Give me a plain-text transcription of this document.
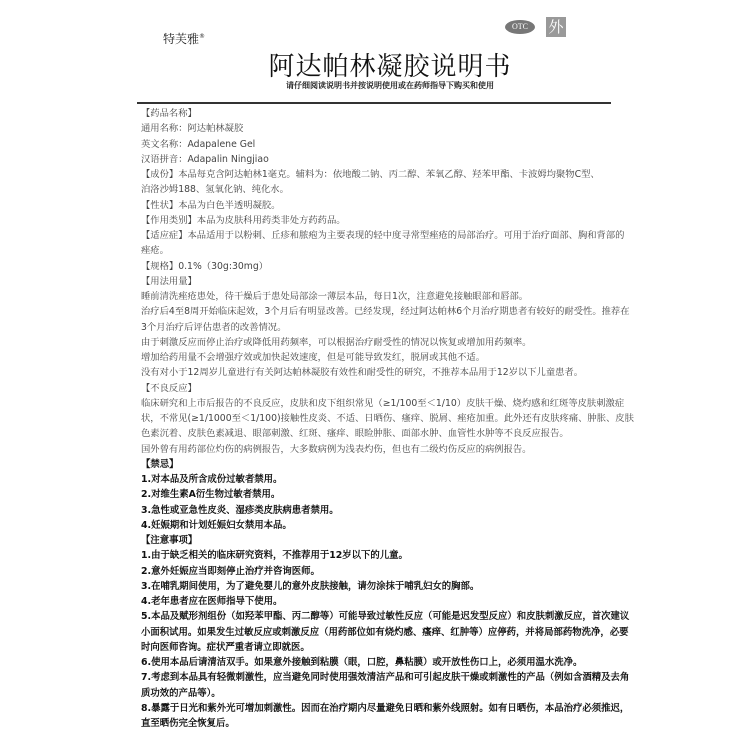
特芙雅®
OTC	外
阿达帕林凝胶说明书
请仔细阅读说明书并按说明使用或在药师指导下购买和使用
【药品名称】
通用名称：阿达帕林凝胶
英文名称：Adapalene Gel
汉语拼音：Adapalin Ningjiao
【成份】本品每克含阿达帕林1毫克。辅料为：依地酸二钠、丙二醇、苯氧乙醇、羟苯甲酯、卡波姆均聚物C型、
泊洛沙姆188、氢氧化钠、纯化水。
【性状】本品为白色半透明凝胶。
【作用类别】本品为皮肤科用药类非处方药药品。
【适应症】本品适用于以粉刺、丘疹和脓疱为主要表现的轻中度寻常型痤疮的局部治疗。可用于治疗面部、胸和背部的
痤疮。
【规格】0.1%（30g:30mg）
【用法用量】
睡前清洗痤疮患处，待干燥后于患处局部涂一薄层本品，每日1次，注意避免接触眼部和唇部。
治疗后4至8周开始临床起效，3个月后有明显改善。已经发现，经过阿达帕林6个月治疗期患者有较好的耐受性。推荐在
3个月治疗后评估患者的改善情况。
由于刺激反应而停止治疗或降低用药频率，可以根据治疗耐受性的情况以恢复或增加用药频率。
增加给药用量不会增强疗效或加快起效速度，但是可能导致发红，脱屑或其他不适。
没有对小于12周岁儿童进行有关阿达帕林凝胶有效性和耐受性的研究，不推荐本品用于12岁以下儿童患者。
【不良反应】
临床研究和上市后报告的不良反应，皮肤和皮下组织常见（≥1/100至＜1/10）皮肤干燥、烧灼感和红斑等皮肤刺激症
状，不常见(≥1/1000至＜1/100)接触性皮炎、不适、日晒伤、瘙痒、脱屑、痤疮加重。此外还有皮肤疼痛、肿胀、皮肤
色素沉着、皮肤色素减退、眼部刺激、红斑、瘙痒、眼睑肿胀、面部水肿、血管性水肿等不良反应报告。
国外曾有用药部位灼伤的病例报告，大多数病例为浅表灼伤，但也有二级灼伤反应的病例报告。
【禁忌】
1.对本品及所含成份过敏者禁用。
2.对维生素A衍生物过敏者禁用。
3.急性或亚急性皮炎、湿疹类皮肤病患者禁用。
4.妊娠期和计划妊娠妇女禁用本品。
【注意事项】
1.由于缺乏相关的临床研究资料，不推荐用于12岁以下的儿童。
2.意外妊娠应当即刻停止治疗并咨询医师。
3.在哺乳期间使用，为了避免婴儿的意外皮肤接触，请勿涂抹于哺乳妇女的胸部。
4.老年患者应在医师指导下使用。
5.本品及赋形剂组份（如羟苯甲酯、丙二醇等）可能导致过敏性反应（可能是迟发型反应）和皮肤刺激反应，首次建议
小面积试用。如果发生过敏反应或刺激反应（用药部位如有烧灼感、瘙痒、红肿等）应停药，并将局部药物洗净，必要
时向医师咨询。症状严重者请立即就医。
6.使用本品后请清洁双手。如果意外接触到粘膜（眼，口腔，鼻粘膜）或开放性伤口上，必须用温水洗净。
7.考虑到本品具有轻微刺激性，应当避免同时使用强效清洁产品和可引起皮肤干燥或刺激性的产品（例如含酒精及去角
质功效的产品等）。
8.暴露于日光和紫外光可增加刺激性。因而在治疗期内尽量避免日晒和紫外线照射。如有日晒伤，本品治疗必须推迟，
直至晒伤完全恢复后。
